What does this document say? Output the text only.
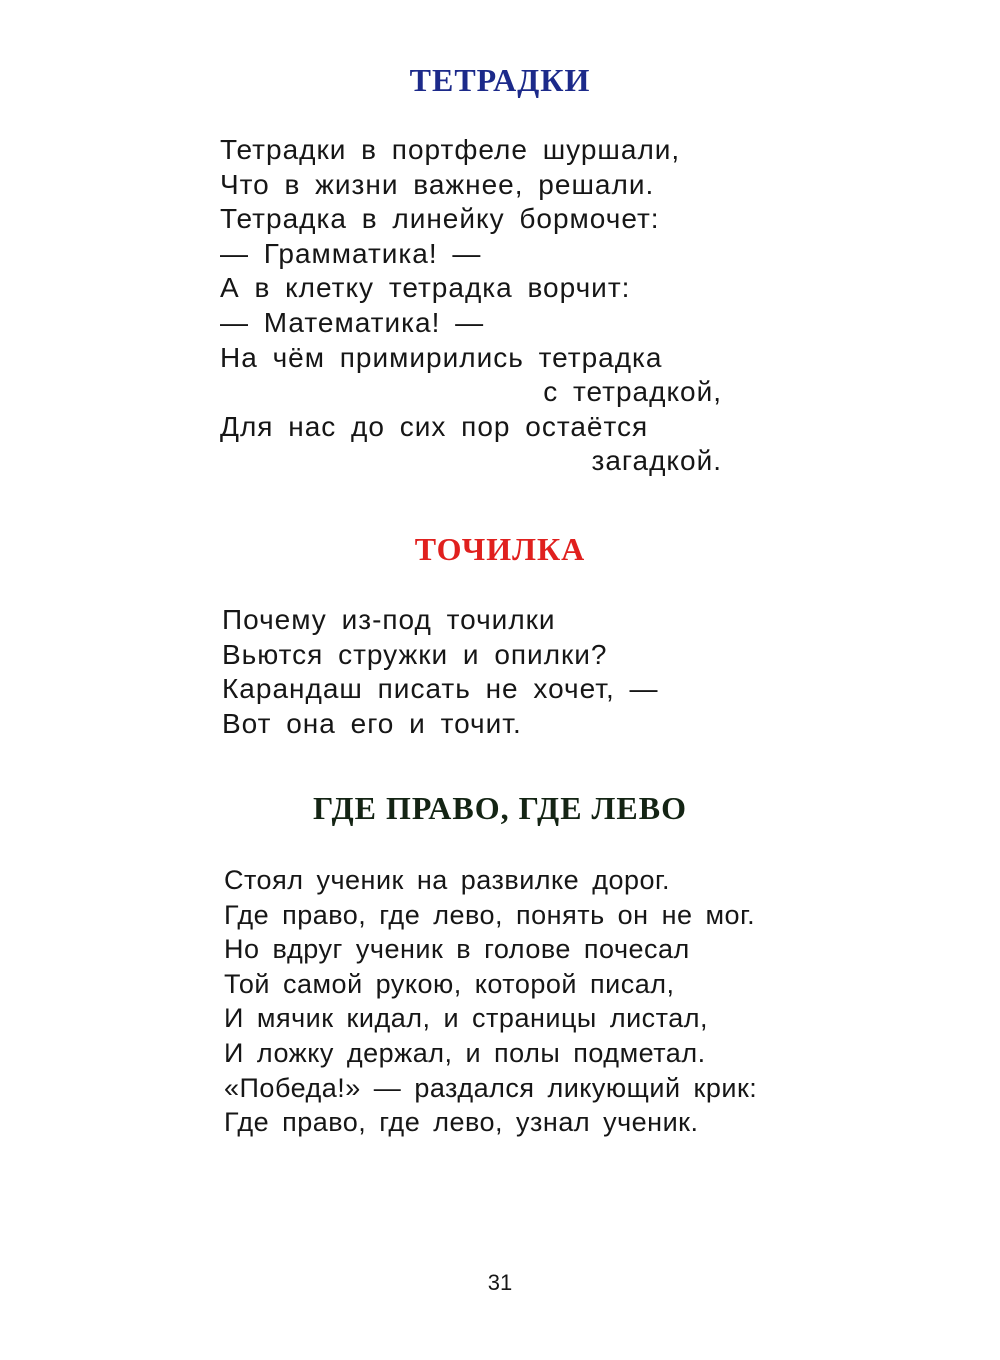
ТЕТРАДКИ
Тетрадки в портфеле шуршали,
Что в жизни важнее, решали.
Тетрадка в линейку бормочет:
— Грамматика! —
А в клетку тетрадка ворчит:
— Математика! —
На чём примирились тетрадка
с тетрадкой,
Для нас до сих пор остаётся
загадкой.
ТОЧИЛКА
Почему из-под точилки
Вьются стружки и опилки?
Карандаш писать не хочет, —
Вот она его и точит.
ГДЕ ПРАВО, ГДЕ ЛЕВО
Стоял ученик на развилке дорог.
Где право, где лево, понять он не мог.
Но вдруг ученик в голове почесал
Той самой рукою, которой писал,
И мячик кидал, и страницы листал,
И ложку держал, и полы подметал.
«Победа!» — раздался ликующий крик:
Где право, где лево, узнал ученик.
31
